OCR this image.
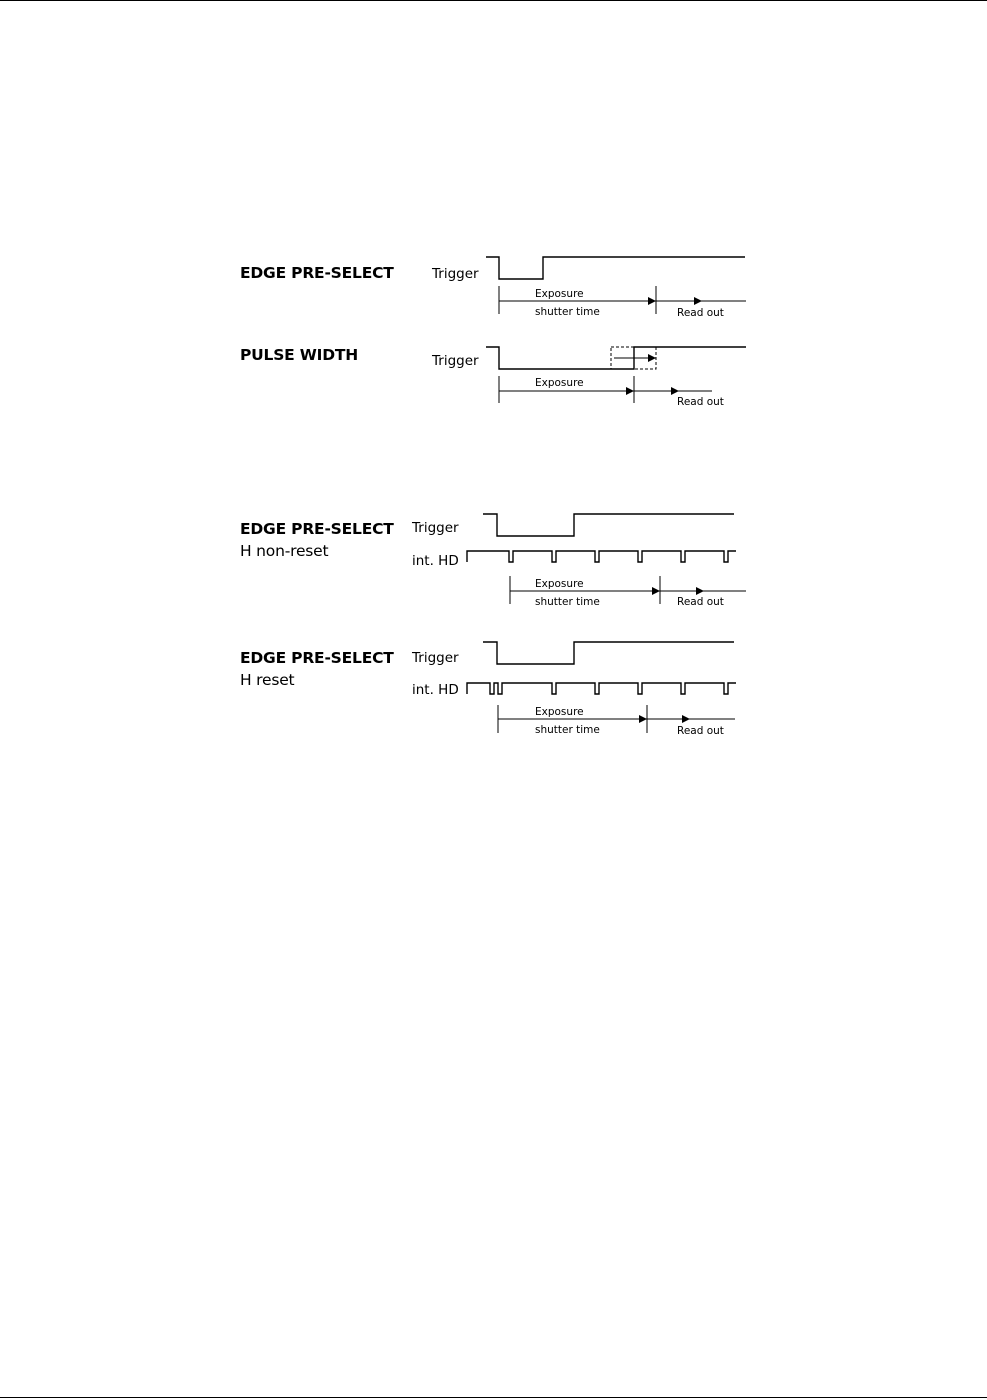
EDGE PRE-SELECT
PULSE WIDTH
EDGE PRE-SELECT
H non-reset
EDGE PRE-SELECT
H reset
Trigger
Trigger
Trigger
int. HD
Trigger
int. HD
Exposure
shutter time	Read out
Exposure
Read out
Exposure
shutter time	Read out
Exposure
shutter time	Read out
